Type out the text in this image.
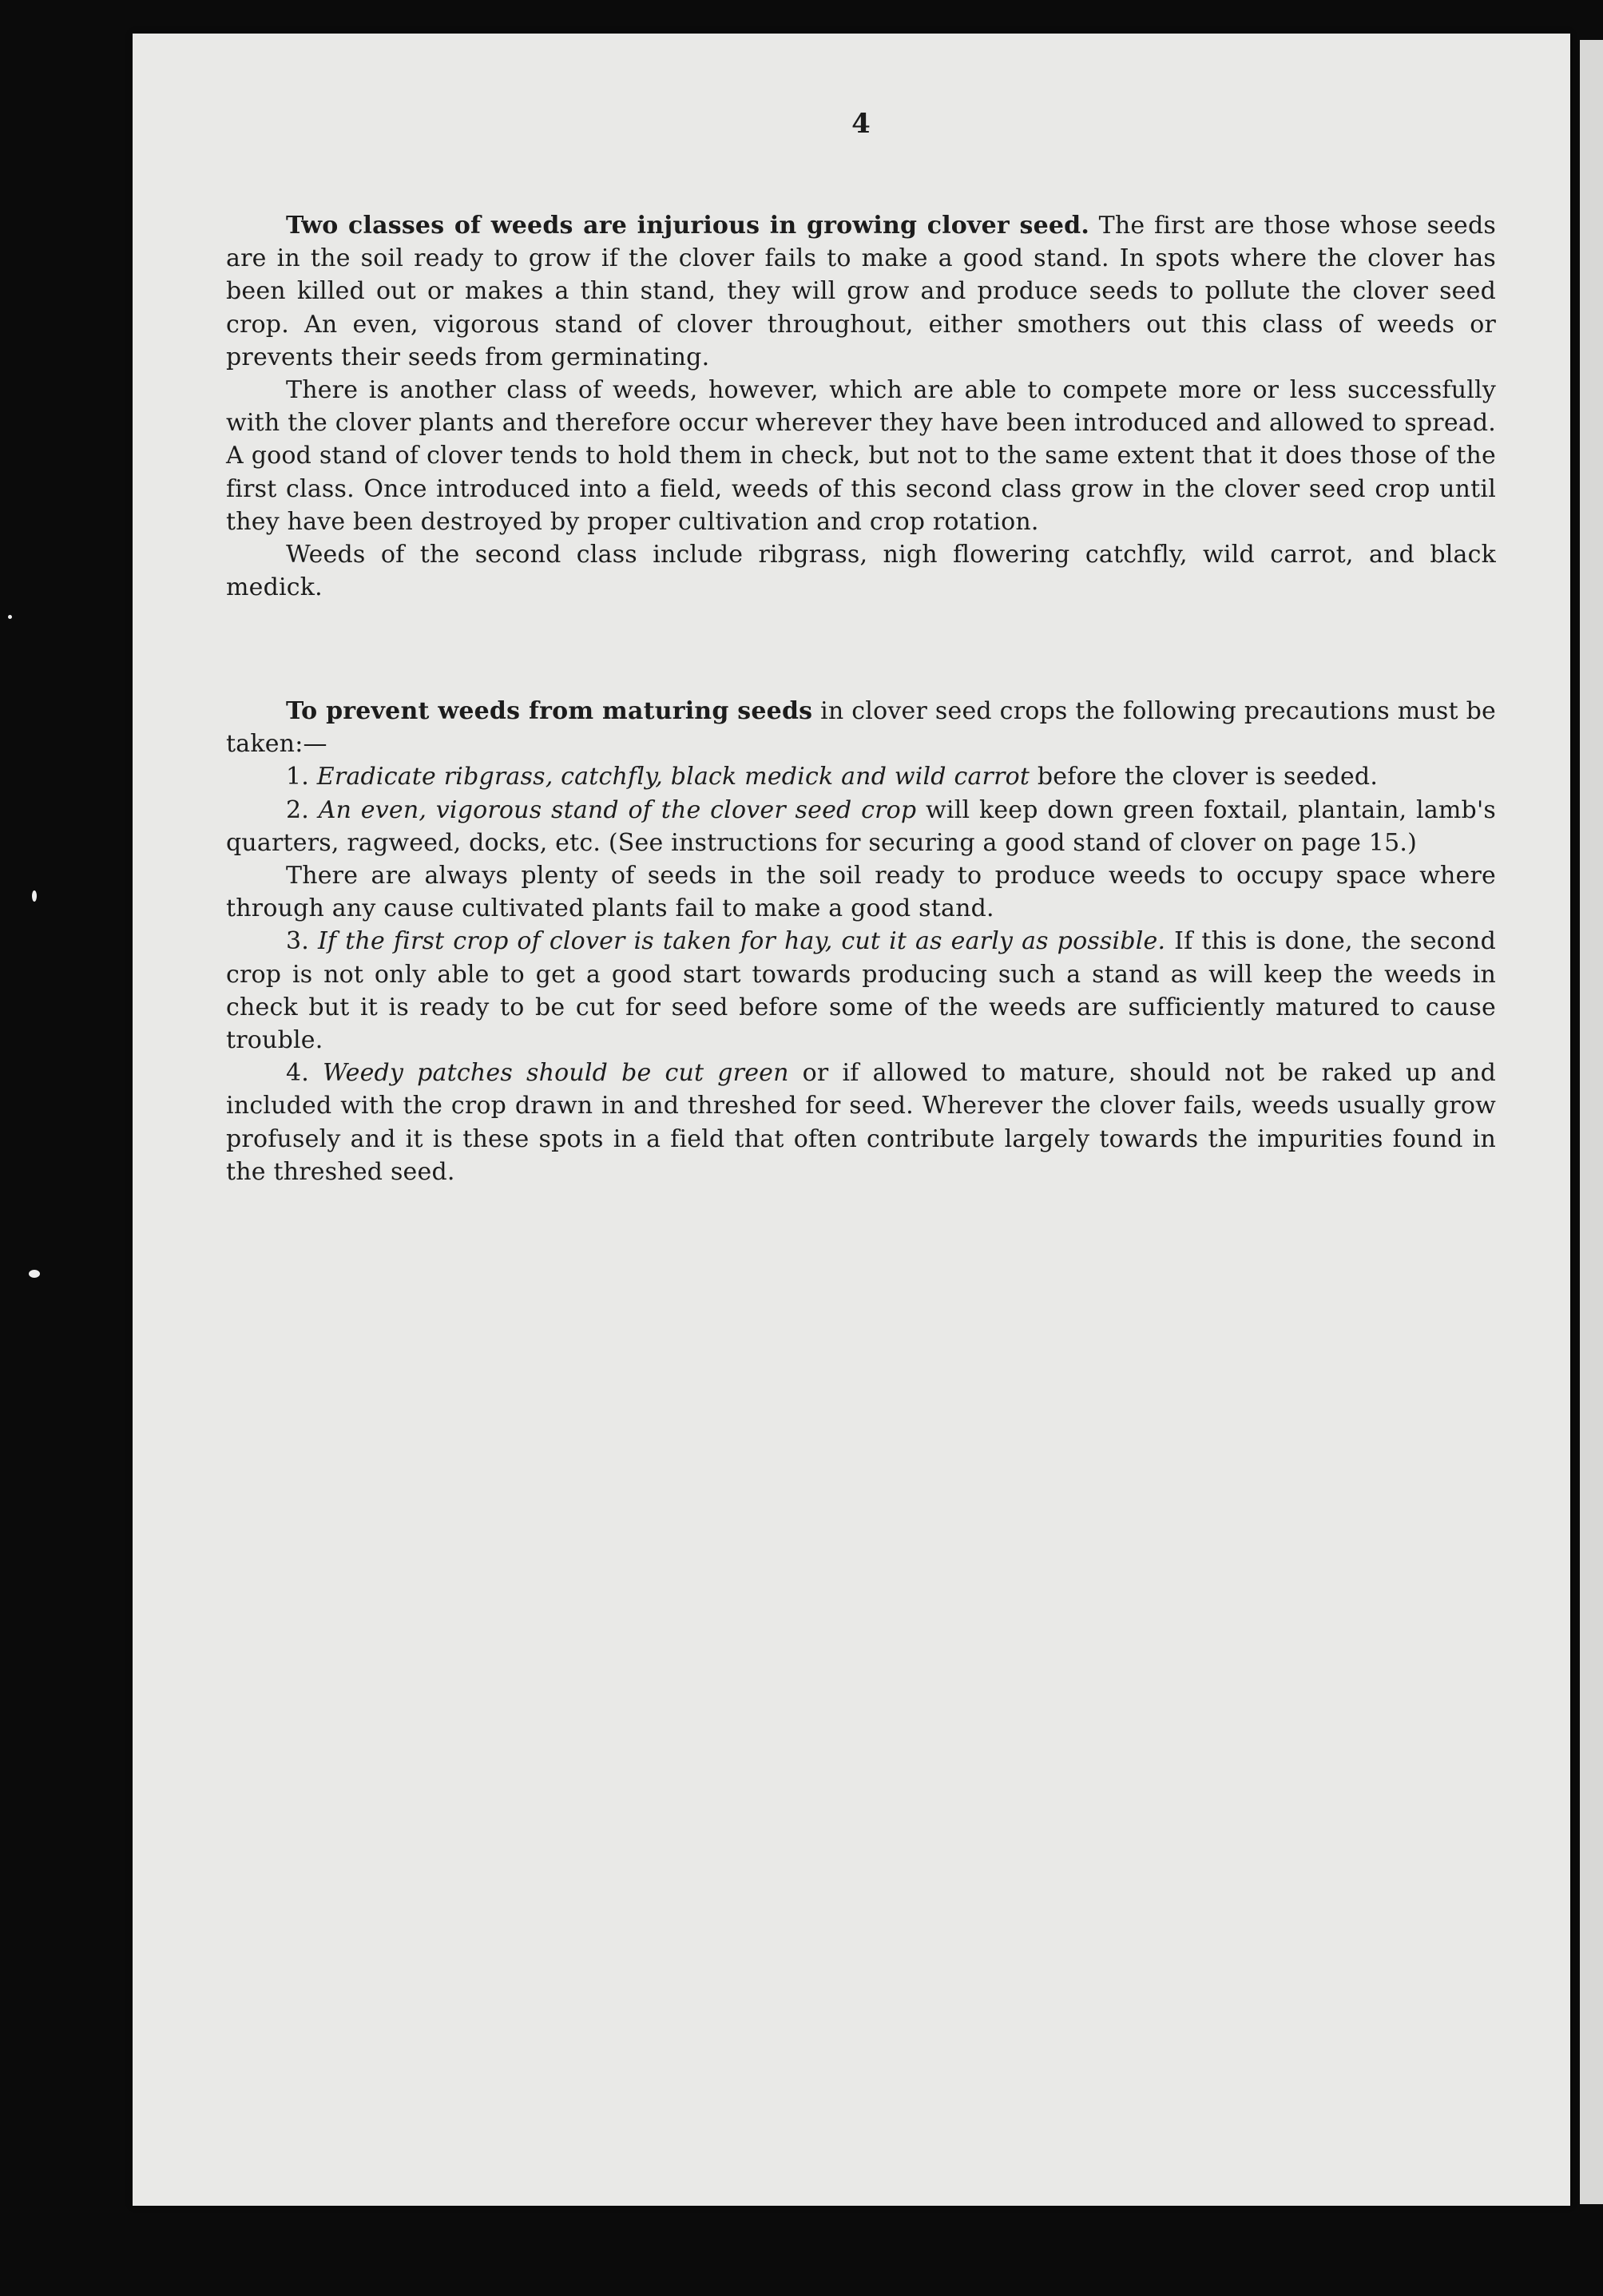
4

Two classes of weeds are injurious in growing clover seed. The first are those whose seeds are in the soil ready to grow if the clover fails to make a good stand. In spots where the clover has been killed out or makes a thin stand, they will grow and produce seeds to pollute the clover seed crop. An even, vigorous stand of clover throughout, either smothers out this class of weeds or prevents their seeds from germinating.

There is another class of weeds, however, which are able to compete more or less successfully with the clover plants and therefore occur wherever they have been introduced and allowed to spread. A good stand of clover tends to hold them in check, but not to the same extent that it does those of the first class. Once introduced into a field, weeds of this second class grow in the clover seed crop until they have been destroyed by proper cultivation and crop rotation.

Weeds of the second class include ribgrass, nigh flowering catchfly, wild carrot, and black medick.

To prevent weeds from maturing seeds in clover seed crops the following precautions must be taken:—

1. Eradicate ribgrass, catchfly, black medick and wild carrot before the clover is seeded.

2. An even, vigorous stand of the clover seed crop will keep down green foxtail, plantain, lamb's quarters, ragweed, docks, etc. (See instructions for securing a good stand of clover on page 15.)

There are always plenty of seeds in the soil ready to produce weeds to occupy space where through any cause cultivated plants fail to make a good stand.

3. If the first crop of clover is taken for hay, cut it as early as possible. If this is done, the second crop is not only able to get a good start towards producing such a stand as will keep the weeds in check but it is ready to be cut for seed before some of the weeds are sufficiently matured to cause trouble.

4. Weedy patches should be cut green or if allowed to mature, should not be raked up and included with the crop drawn in and threshed for seed. Wherever the clover fails, weeds usually grow profusely and it is these spots in a field that often contribute largely towards the impurities found in the threshed seed.
